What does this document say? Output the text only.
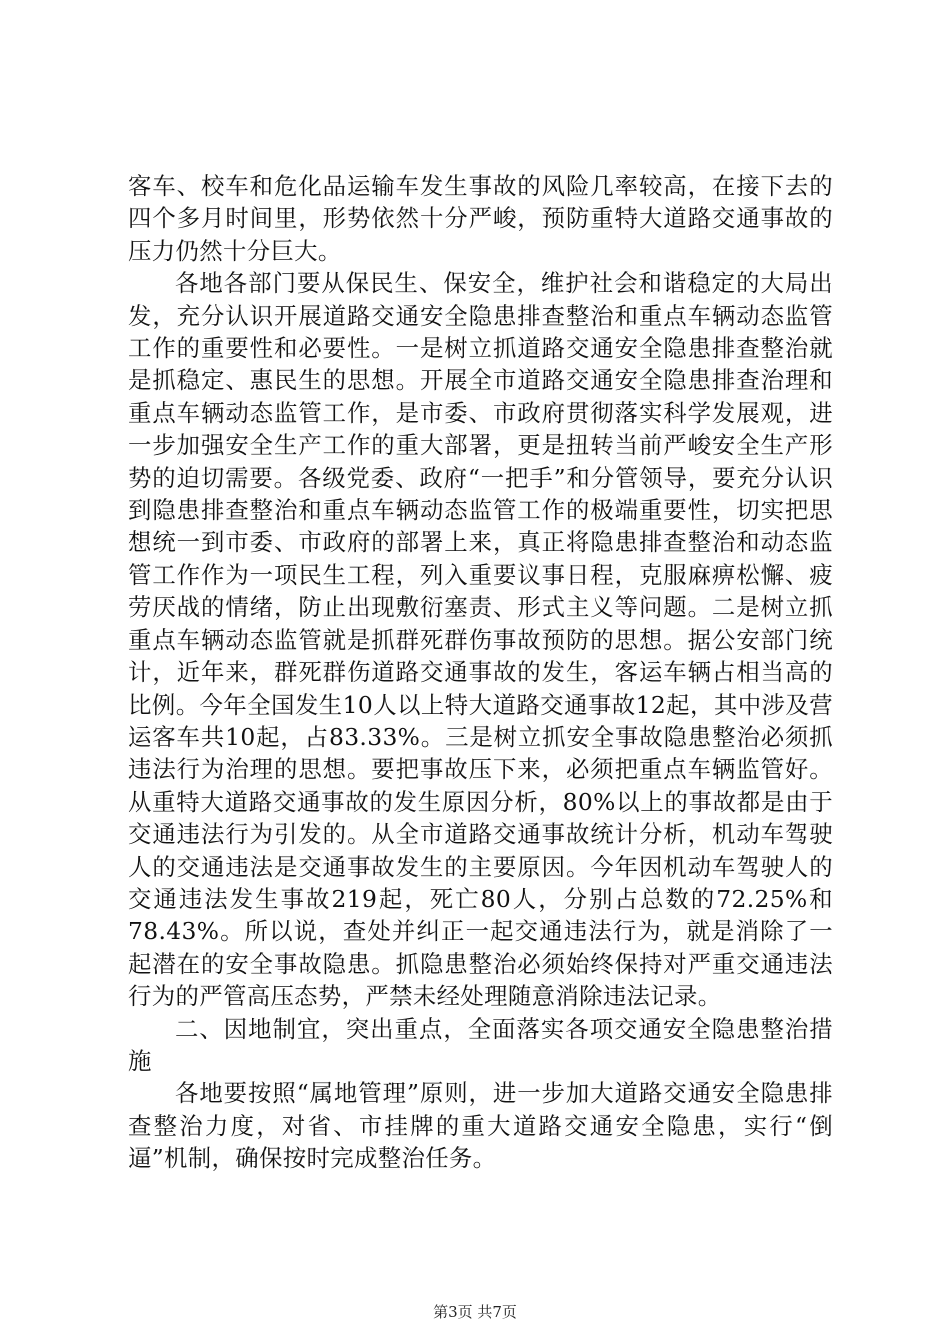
客车、校车和危化品运输车发生事故的风险几率较高，在接下去的四个多月时间里，形势依然十分严峻，预防重特大道路交通事故的压力仍然十分巨大。

各地各部门要从保民生、保安全，维护社会和谐稳定的大局出发，充分认识开展道路交通安全隐患排查整治和重点车辆动态监管工作的重要性和必要性。一是树立抓道路交通安全隐患排查整治就是抓稳定、惠民生的思想。开展全市道路交通安全隐患排查治理和重点车辆动态监管工作，是市委、市政府贯彻落实科学发展观，进一步加强安全生产工作的重大部署，更是扭转当前严峻安全生产形势的迫切需要。各级党委、政府“一把手”和分管领导，要充分认识到隐患排查整治和重点车辆动态监管工作的极端重要性，切实把思想统一到市委、市政府的部署上来，真正将隐患排查整治和动态监管工作作为一项民生工程，列入重要议事日程，克服麻痹松懈、疲劳厌战的情绪，防止出现敷衍塞责、形式主义等问题。二是树立抓重点车辆动态监管就是抓群死群伤事故预防的思想。据公安部门统计，近年来，群死群伤道路交通事故的发生，客运车辆占相当高的比例。今年全国发生10人以上特大道路交通事故12起，其中涉及营运客车共10起，占83.33%。三是树立抓安全事故隐患整治必须抓违法行为治理的思想。要把事故压下来，必须把重点车辆监管好。从重特大道路交通事故的发生原因分析，80%以上的事故都是由于交通违法行为引发的。从全市道路交通事故统计分析，机动车驾驶人的交通违法是交通事故发生的主要原因。今年因机动车驾驶人的交通违法发生事故219起，死亡80人，分别占总数的72.25%和78.43%。所以说，查处并纠正一起交通违法行为，就是消除了一起潜在的安全事故隐患。抓隐患整治必须始终保持对严重交通违法行为的严管高压态势，严禁未经处理随意消除违法记录。

二、因地制宜，突出重点，全面落实各项交通安全隐患整治措施

各地要按照“属地管理”原则，进一步加大道路交通安全隐患排查整治力度，对省、市挂牌的重大道路交通安全隐患，实行“倒逼”机制，确保按时完成整治任务。

第3页 共7页
